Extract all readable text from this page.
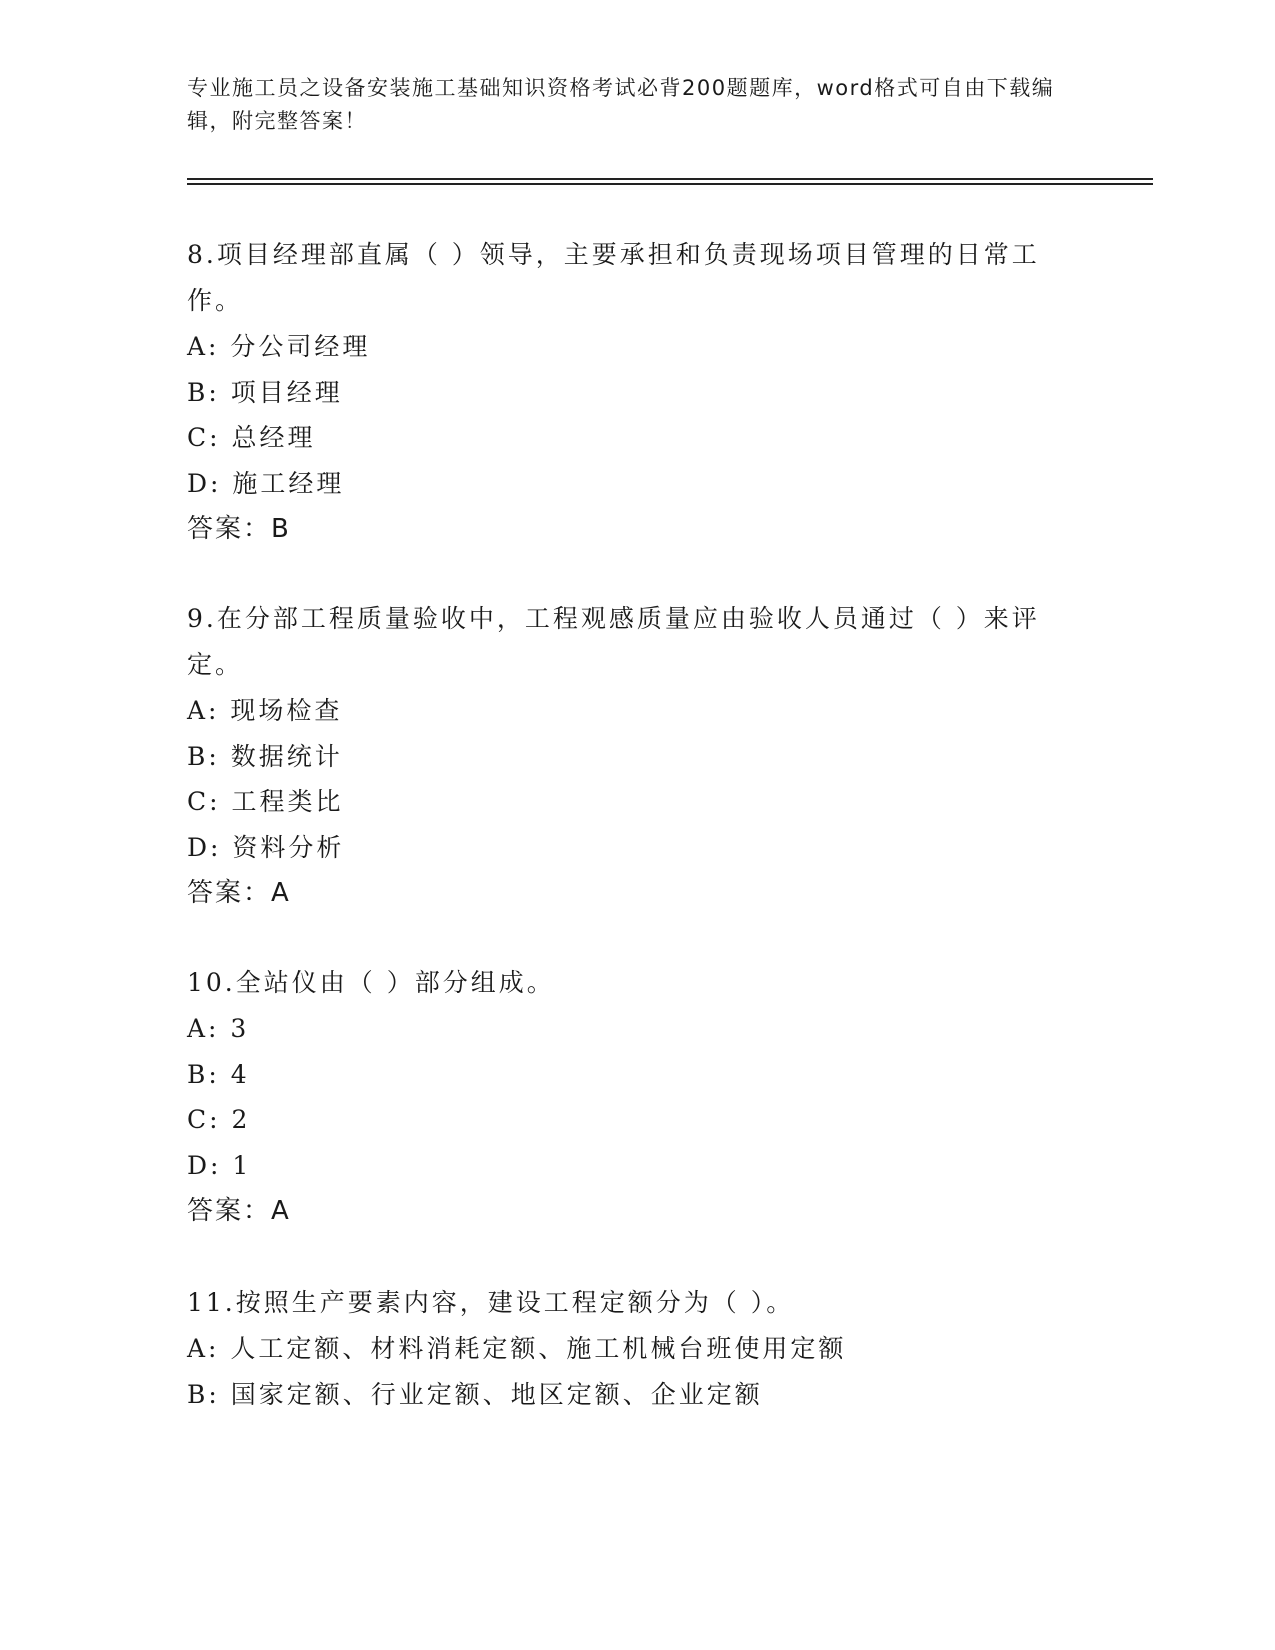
专业施工员之设备安装施工基础知识资格考试必背200题题库，word格式可自由下载编辑，附完整答案！
8.项目经理部直属（ ）领导，主要承担和负责现场项目管理的日常工作。
A: 分公司经理
B: 项目经理
C: 总经理
D: 施工经理
答案：B
9.在分部工程质量验收中，工程观感质量应由验收人员通过（ ）来评定。
A: 现场检查
B: 数据统计
C: 工程类比
D: 资料分析
答案：A
10.全站仪由（ ）部分组成。
A: 3
B: 4
C: 2
D: 1
答案：A
11.按照生产要素内容，建设工程定额分为（ ）。
A: 人工定额、材料消耗定额、施工机械台班使用定额
B: 国家定额、行业定额、地区定额、企业定额
